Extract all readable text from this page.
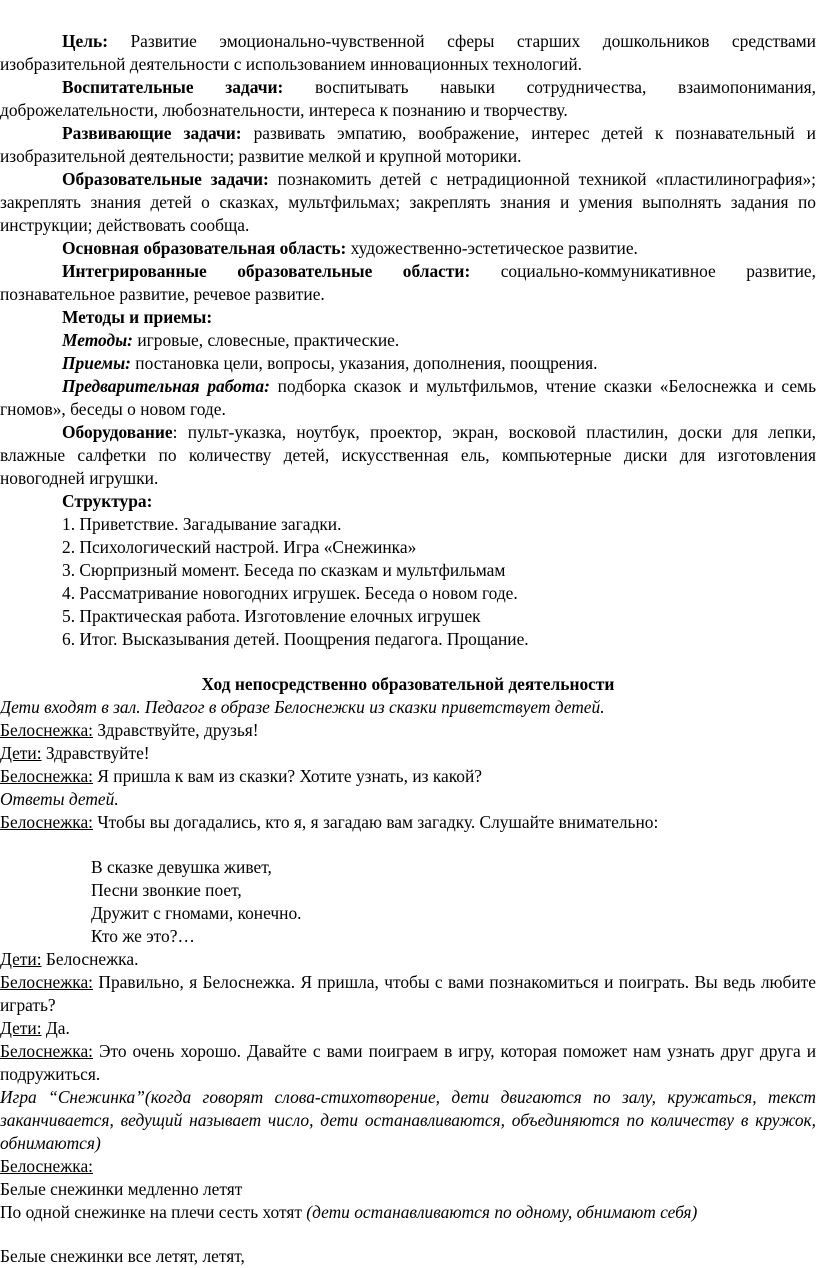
Цель: Развитие эмоционально-чувственной сферы старших дошкольников средствами изобразительной деятельности с использованием инновационных технологий.

Воспитательные задачи: воспитывать навыки сотрудничества, взаимопонимания, доброжелательности, любознательности, интереса к познанию и творчеству.

Развивающие задачи: развивать эмпатию, воображение, интерес детей к познавательный и изобразительной деятельности; развитие мелкой и крупной моторики.

Образовательные задачи: познакомить детей с нетрадиционной техникой «пластилинография»; закреплять знания детей о сказках, мультфильмах; закреплять знания и умения выполнять задания по инструкции; действовать сообща.

Основная образовательная область: художественно-эстетическое развитие.

Интегрированные образовательные области: социально-коммуникативное развитие, познавательное развитие, речевое развитие.

Методы и приемы:

Методы: игровые, словесные, практические.

Приемы: постановка цели, вопросы, указания, дополнения, поощрения.

Предварительная работа: подборка сказок и мультфильмов, чтение сказки «Белоснежка и семь гномов», беседы о новом годе.

Оборудование: пульт-указка, ноутбук, проектор, экран, восковой пластилин, доски для лепки, влажные салфетки по количеству детей, искусственная ель, компьютерные диски для изготовления новогодней игрушки.

Структура:

1. Приветствие. Загадывание загадки.

2. Психологический настрой. Игра «Снежинка»

3. Сюрпризный момент. Беседа по сказкам и мультфильмам

4. Рассматривание новогодних игрушек. Беседа о новом годе.

5. Практическая работа. Изготовление елочных игрушек

6. Итог. Высказывания детей. Поощрения педагога. Прощание.

Ход непосредственно образовательной деятельности

Дети входят в зал. Педагог в образе Белоснежки из сказки приветствует детей.

Белоснежка: Здравствуйте, друзья!

Дети: Здравствуйте!

Белоснежка: Я пришла к вам из сказки? Хотите узнать, из какой?

Ответы детей.

Белоснежка: Чтобы вы догадались, кто я, я загадаю вам загадку. Слушайте внимательно:

В сказке девушка живет,

Песни звонкие поет,

Дружит с гномами, конечно.

Кто же это?…

Дети: Белоснежка.

Белоснежка: Правильно, я Белоснежка. Я пришла, чтобы с вами познакомиться и поиграть. Вы ведь любите играть?

Дети: Да.

Белоснежка: Это очень хорошо. Давайте с вами поиграем в игру, которая поможет нам узнать друг друга и подружиться.

Игра “Снежинка”(когда говорят слова-стихотворение, дети двигаются по залу, кружаться, текст заканчивается, ведущий называет число, дети останавливаются, объединяются по количеству в кружок, обнимаются)

Белоснежка:

Белые снежинки медленно летят

По одной снежинке на плечи сесть хотят (дети останавливаются по одному, обнимают себя)

Белые снежинки все летят, летят,
